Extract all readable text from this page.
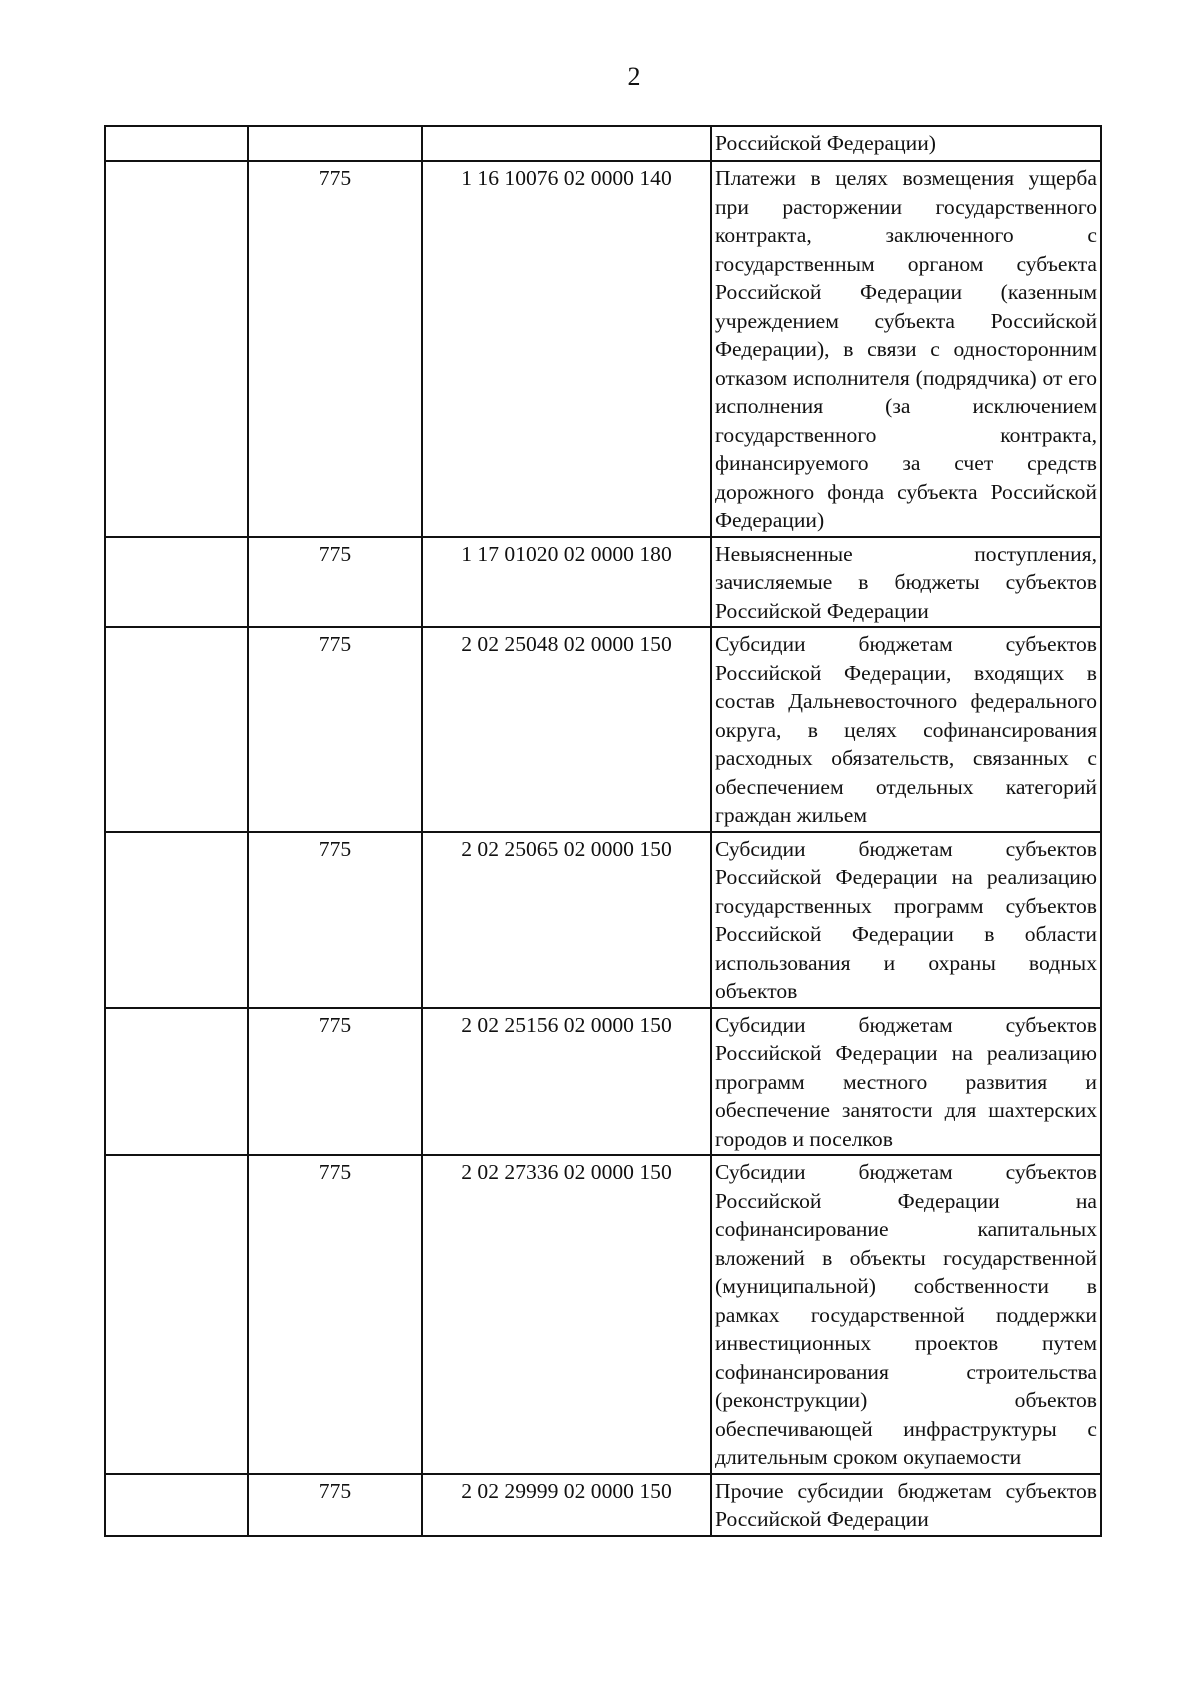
2
			Российской Федерации)
	775	1 16 10076 02 0000 140	Платежи в целях возмещения ущерба при расторжении государственного контракта, заключенного с государственным органом субъекта Российской Федерации (казенным учреждением субъекта Российской Федерации), в связи с односторонним отказом исполнителя (подрядчика) от его исполнения (за исключением государственного контракта, финансируемого за счет средств дорожного фонда субъекта Российской Федерации)
	775	1 17 01020 02 0000 180	Невыясненные поступления, зачисляемые в бюджеты субъектов Российской Федерации
	775	2 02 25048 02 0000 150	Субсидии бюджетам субъектов Российской Федерации, входящих в состав Дальневосточного федерального округа, в целях софинансирования расходных обязательств, связанных с обеспечением отдельных категорий граждан жильем
	775	2 02 25065 02 0000 150	Субсидии бюджетам субъектов Российской Федерации на реализацию государственных программ субъектов Российской Федерации в области использования и охраны водных объектов
	775	2 02 25156 02 0000 150	Субсидии бюджетам субъектов Российской Федерации на реализацию программ местного развития и обеспечение занятости для шахтерских городов и поселков
	775	2 02 27336 02 0000 150	Субсидии бюджетам субъектов Российской Федерации на софинансирование капитальных вложений в объекты государственной (муниципальной) собственности в рамках государственной поддержки инвестиционных проектов путем софинансирования строительства (реконструкции) объектов обеспечивающей инфраструктуры с длительным сроком окупаемости
	775	2 02 29999 02 0000 150	Прочие субсидии бюджетам субъектов Российской Федерации
